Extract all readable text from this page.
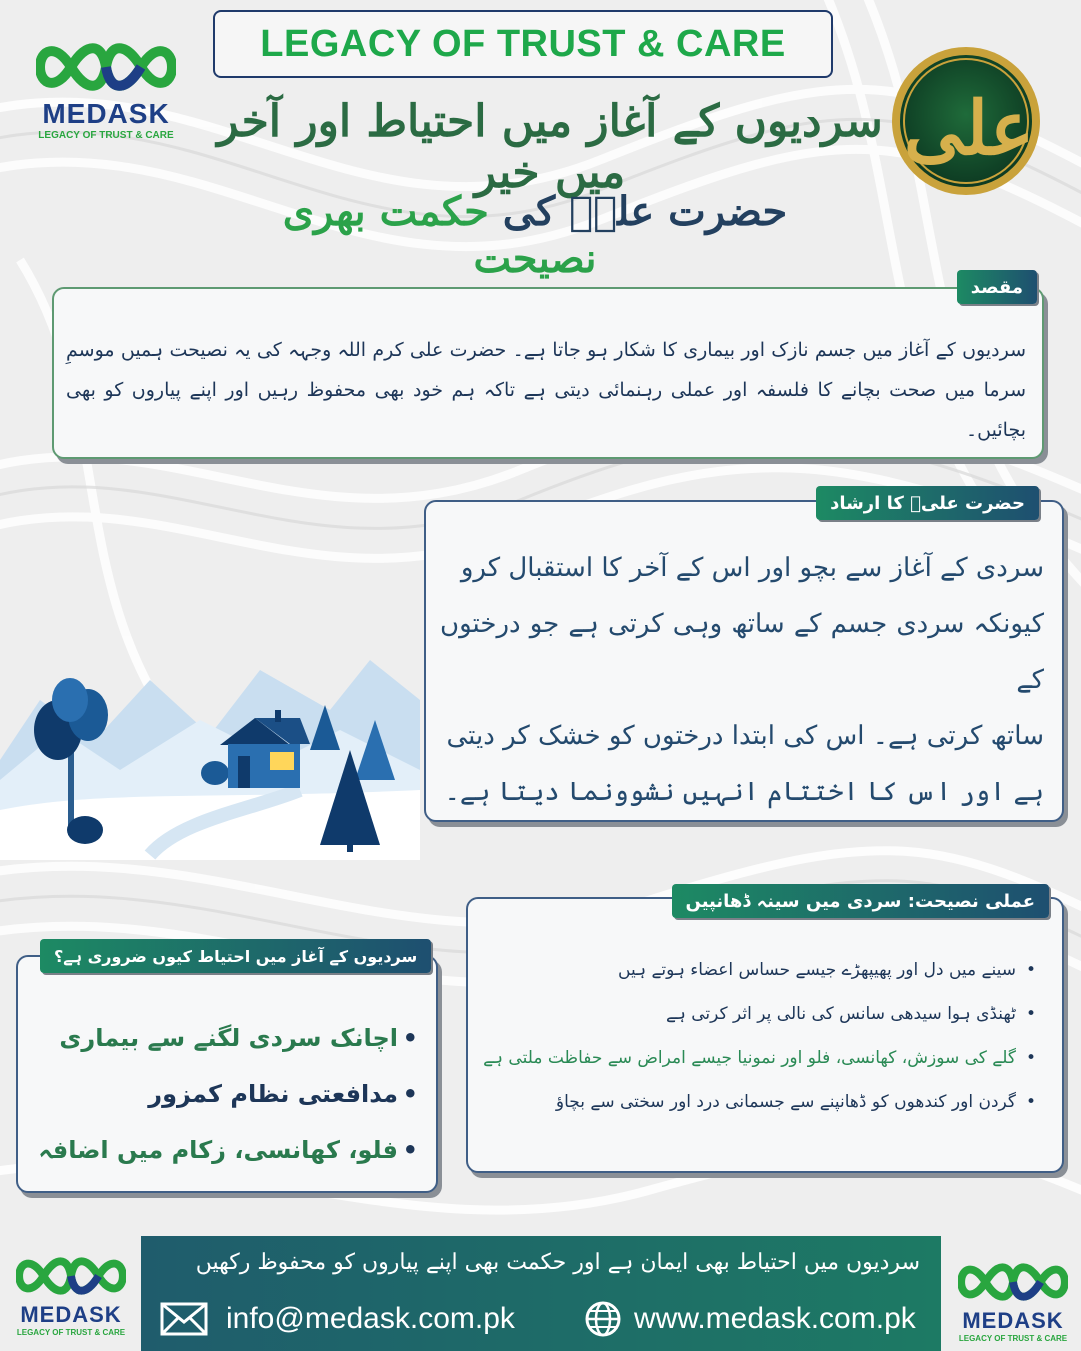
MEDASK
LEGACY OF TRUST & CARE
LEGACY OF TRUST & CARE
علی
سردیوں کے آغاز میں احتیاط اور آخر میں خیر
حضرت علیؓ کی حکمت بھری نصیحت
مقصد
سردیوں کے آغاز میں جسم نازک اور بیماری کا شکار ہو جاتا ہے۔ حضرت علی کرم اللہ وجہہ کی یہ نصیحت ہمیں موسمِ سرما میں صحت بچانے کا فلسفہ اور عملی رہنمائی دیتی ہے تاکہ ہم خود بھی محفوظ رہیں اور اپنے پیاروں کو بھی بچائیں۔
حضرت علیؓ کا ارشاد
سردی کے آغاز سے بچو اور اس کے آخر کا استقبال کرو
کیونکہ سردی جسم کے ساتھ وہی کرتی ہے جو درختوں کے
ساتھ کرتی ہے۔ اس کی ابتدا درختوں کو خشک کر دیتی
ہے اور اس کا اختتام انہیں نشوونما دیتا ہے۔
عملی نصیحت: سردی میں سینہ ڈھانپیں
• سینے میں دل اور پھیپھڑے جیسے حساس اعضاء ہوتے ہیں
• ٹھنڈی ہوا سیدھی سانس کی نالی پر اثر کرتی ہے
• گلے کی سوزش، کھانسی، فلو اور نمونیا جیسے امراض سے حفاظت ملتی ہے
• گردن اور کندھوں کو ڈھانپنے سے جسمانی درد اور سختی سے بچاؤ
سردیوں کے آغاز میں احتیاط کیوں ضروری ہے؟
• اچانک سردی لگنے سے بیماری
• مدافعتی نظام کمزور
• فلو، کھانسی، زکام میں اضافہ
سردیوں میں احتیاط بھی ایمان ہے اور حکمت بھی اپنے پیاروں کو محفوظ رکھیں
info@medask.com.pk	www.medask.com.pk
MEDASK
LEGACY OF TRUST & CARE	MEDASK
LEGACY OF TRUST & CARE
